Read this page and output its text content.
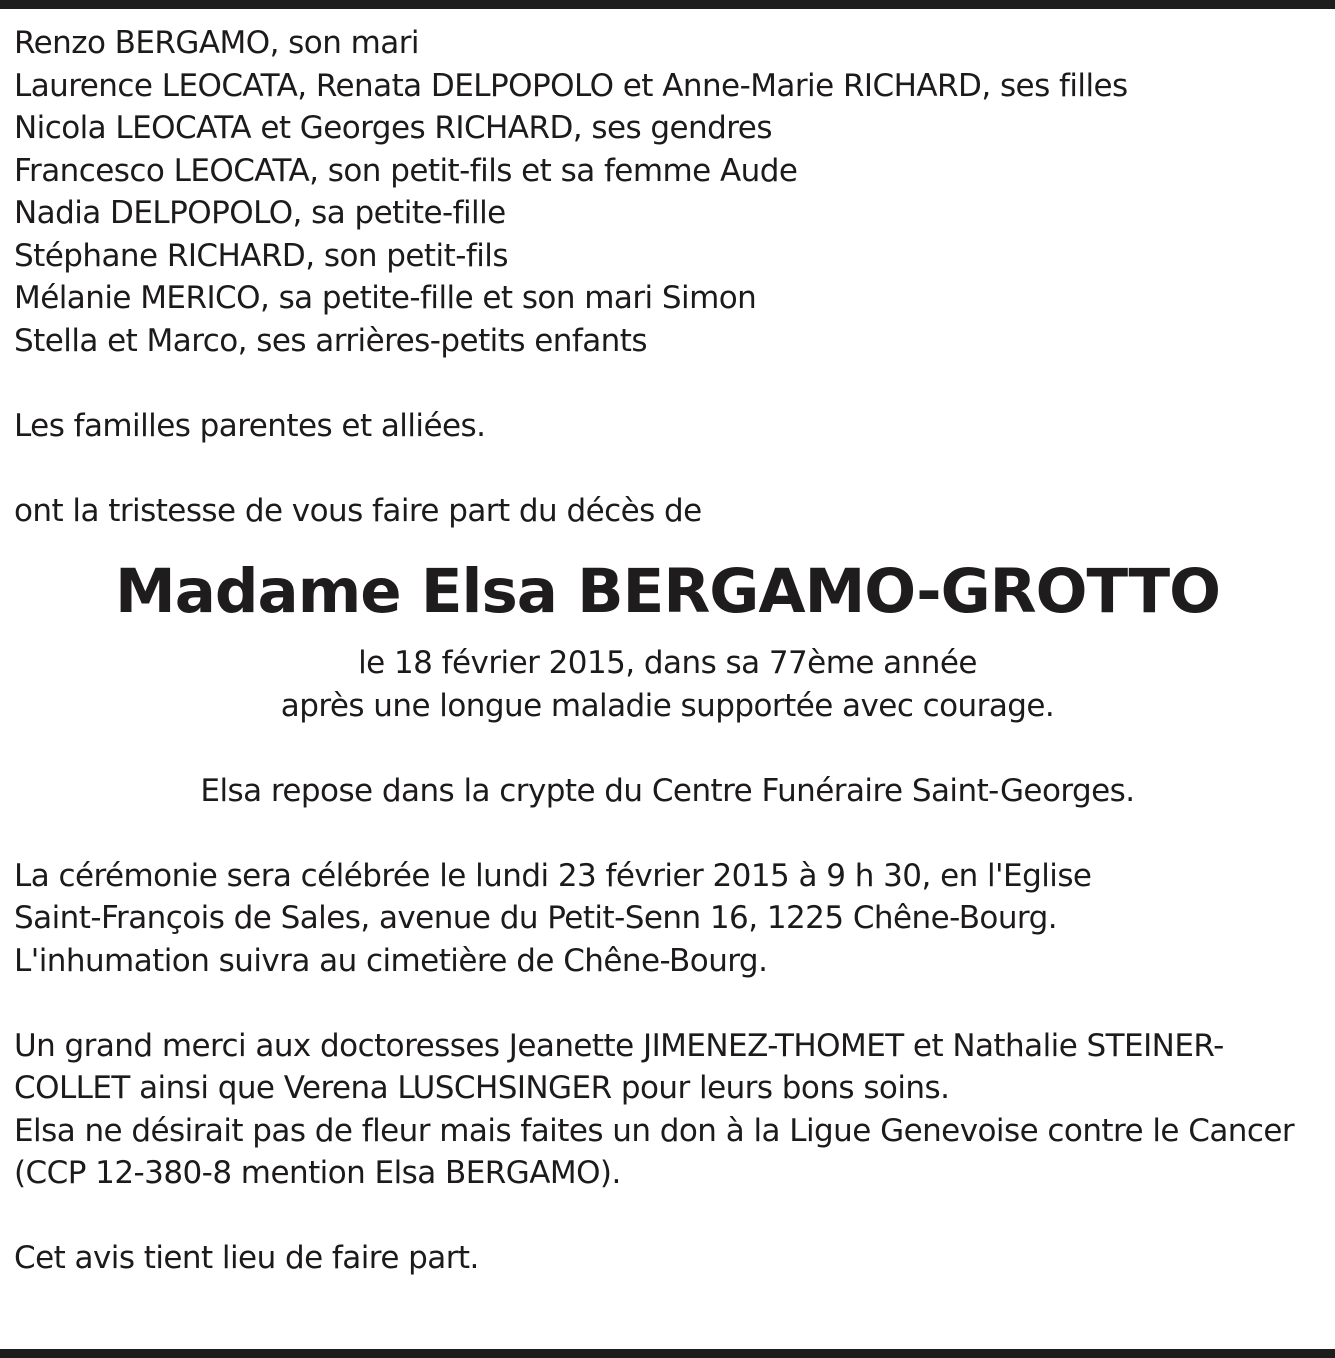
Renzo BERGAMO, son mari
Laurence LEOCATA, Renata DELPOPOLO et Anne-Marie RICHARD, ses filles
Nicola LEOCATA et Georges RICHARD, ses gendres
Francesco LEOCATA, son petit-fils et sa femme Aude
Nadia DELPOPOLO, sa petite-fille
Stéphane RICHARD, son petit-fils
Mélanie MERICO, sa petite-fille et son mari Simon
Stella et Marco, ses arrières-petits enfants
Les familles parentes et alliées.
ont la tristesse de vous faire part du décès de
Madame Elsa BERGAMO-GROTTO
le 18 février 2015, dans sa 77ème année
après une longue maladie supportée avec courage.
Elsa repose dans la crypte du Centre Funéraire Saint-Georges.
La cérémonie sera célébrée le lundi 23 février 2015 à 9 h 30, en l'Eglise
Saint-François de Sales, avenue du Petit-Senn 16, 1225 Chêne-Bourg.
L'inhumation suivra au cimetière de Chêne-Bourg.
Un grand merci aux doctoresses Jeanette JIMENEZ-THOMET et Nathalie STEINER-
COLLET ainsi que Verena LUSCHSINGER pour leurs bons soins.
Elsa ne désirait pas de fleur mais faites un don à la Ligue Genevoise contre le Cancer
(CCP 12-380-8 mention Elsa BERGAMO).
Cet avis tient lieu de faire part.
